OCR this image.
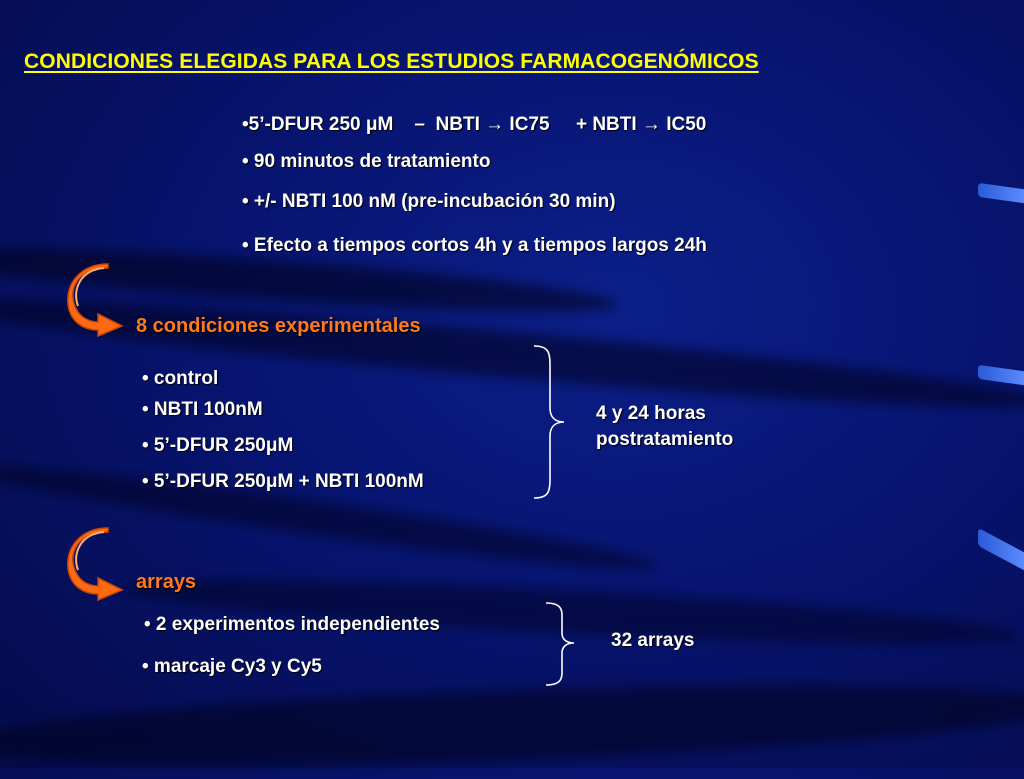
CONDICIONES ELEGIDAS PARA LOS ESTUDIOS FARMACOGENÓMICOS
•5’-DFUR 250 μM    –  NBTI → IC75     + NBTI → IC50
• 90 minutos de tratamiento
• +/- NBTI 100 nM (pre-incubación 30 min)
• Efecto a tiempos cortos 4h y a tiempos largos 24h
8 condiciones experimentales
• control
• NBTI 100nM
• 5’-DFUR 250μM
• 5’-DFUR 250μM + NBTI 100nM
4 y 24 horas
postratamiento
arrays
• 2 experimentos independientes
• marcaje Cy3 y Cy5
32 arrays
